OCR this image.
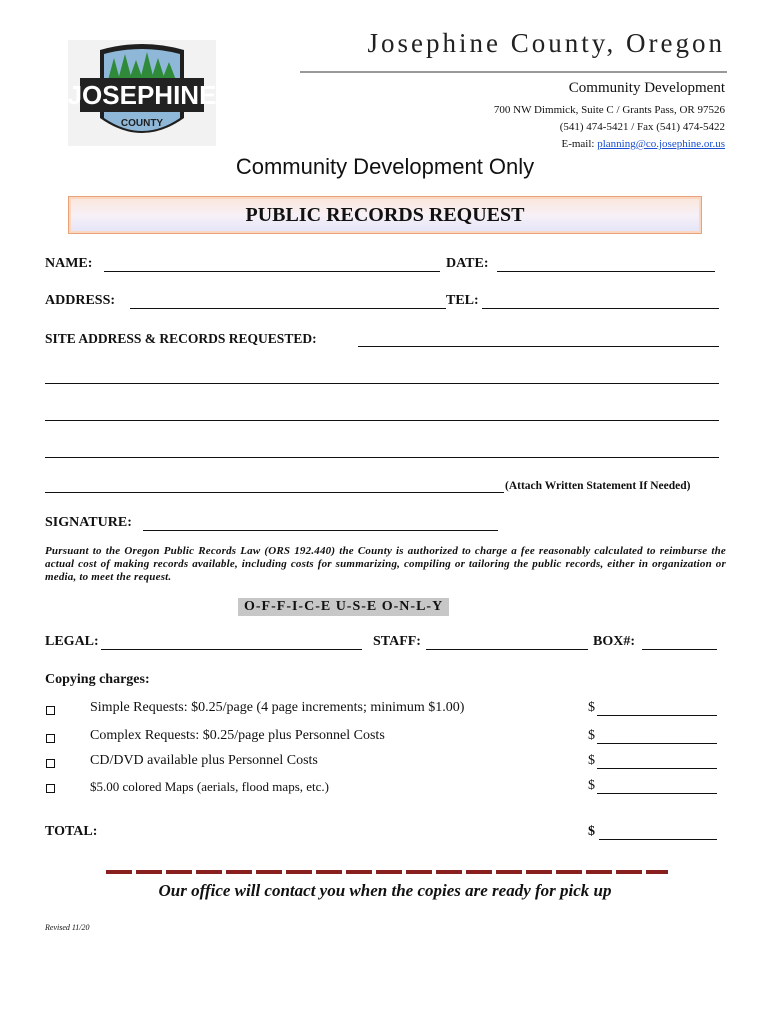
JOSEPHINE
COUNTY
Josephine County, Oregon
Community Development
700 NW Dimmick, Suite C / Grants Pass, OR 97526
(541) 474-5421 / Fax (541) 474-5422
E-mail: planning@co.josephine.or.us
Community Development Only
PUBLIC RECORDS REQUEST
NAME:	DATE:
ADDRESS:	TEL:
SITE ADDRESS & RECORDS REQUESTED:
(Attach Written Statement If Needed)
SIGNATURE:
Pursuant to the Oregon Public Records Law (ORS 192.440) the County is authorized to charge a fee reasonably calculated to reimburse the actual cost of making records available, including costs for summarizing, compiling or tailoring the public records, either in organization or media, to meet the request.
O-F-F-I-C-E U-S-E O-N-L-Y
LEGAL:	STAFF:	BOX#:
Copying charges:
Simple Requests: $0.25/page (4 page increments; minimum $1.00)	$
Complex Requests: $0.25/page plus Personnel Costs	$
CD/DVD available plus Personnel Costs	$
$5.00 colored Maps (aerials, flood maps, etc.)	$
TOTAL:	$
Our office will contact you when the copies are ready for pick up
Revised 11/20
